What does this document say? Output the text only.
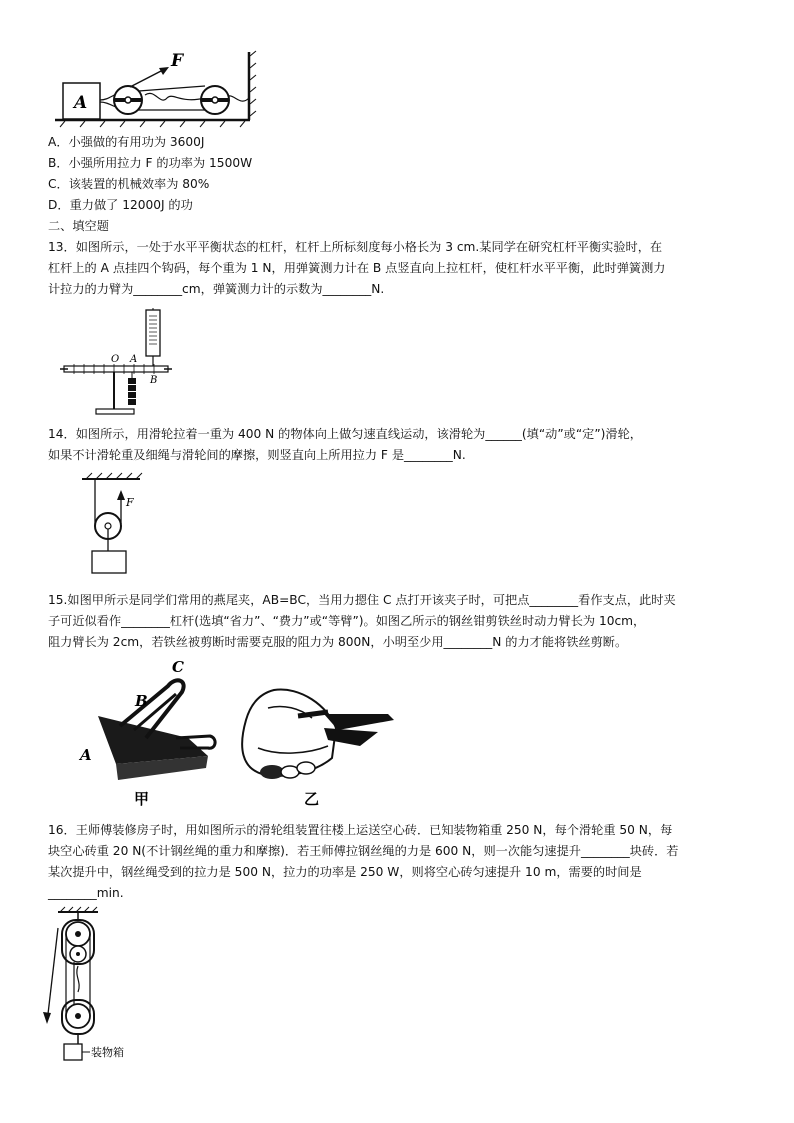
A
F
A．小强做的有用功为 3600J
B．小强所用拉力 F 的功率为 1500W
C．该装置的机械效率为 80%
D．重力做了 12000J 的功
二、填空题
13．如图所示，一处于水平平衡状态的杠杆，杠杆上所标刻度每小格长为 3 cm.某同学在研究杠杆平衡实验时，在
杠杆上的 A 点挂四个钩码，每个重为 1 N，用弹簧测力计在 B 点竖直向上拉杠杆，使杠杆水平平衡，此时弹簧测力
计拉力的力臂为________cm，弹簧测力计的示数为________N.
O A
B
14．如图所示，用滑轮拉着一重为 400 N 的物体向上做匀速直线运动，该滑轮为______(填“动”或“定”)滑轮，
如果不计滑轮重及细绳与滑轮间的摩擦，则竖直向上所用拉力 F 是________N.
F
15.如图甲所示是同学们常用的燕尾夹，AB=BC，当用力摁住 C 点打开该夹子时，可把点________看作支点，此时夹
子可近似看作________杠杆(选填“省力”、“费力”或“等臂”)。如图乙所示的钢丝钳剪铁丝时动力臂长为 10cm，
阻力臂长为 2cm，若铁丝被剪断时需要克服的阻力为 800N，小明至少用________N 的力才能将铁丝剪断。
C
B
A
甲	乙
16．王师傅装修房子时，用如图所示的滑轮组装置往楼上运送空心砖．已知装物箱重 250 N，每个滑轮重 50 N，每
块空心砖重 20 N(不计钢丝绳的重力和摩擦)．若王师傅拉钢丝绳的力是 600 N，则一次能匀速提升________块砖．若
某次提升中，钢丝绳受到的拉力是 500 N，拉力的功率是 250 W，则将空心砖匀速提升 10 m，需要的时间是
________min.
装物箱
